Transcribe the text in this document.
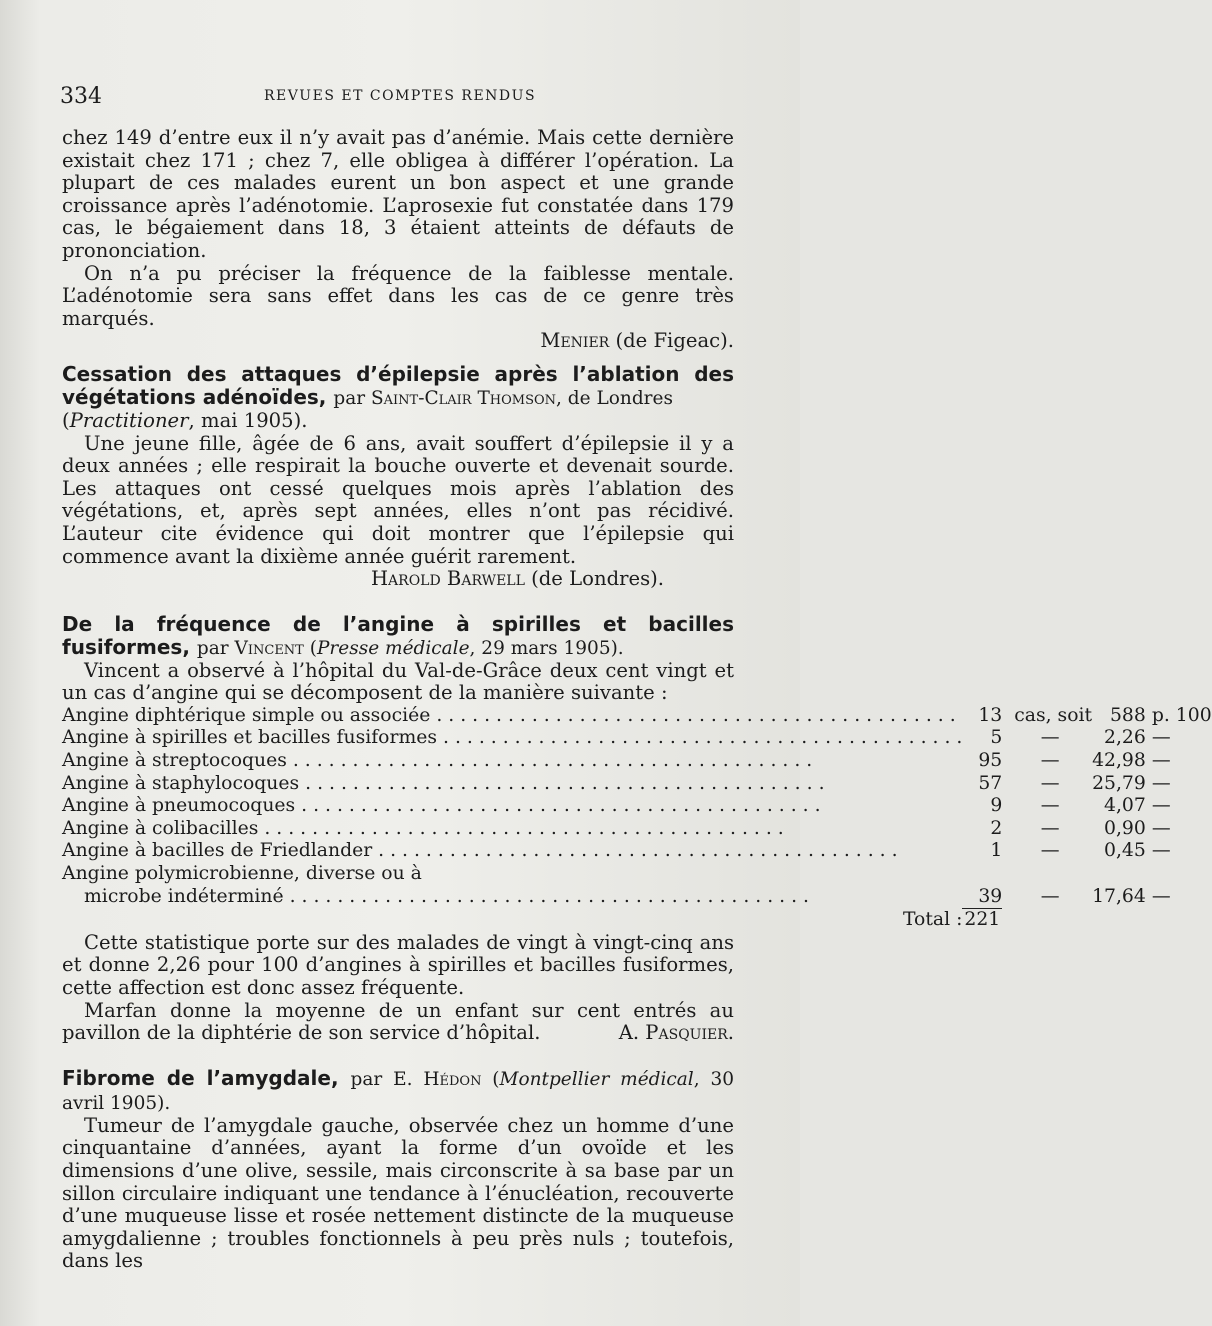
334	REVUES ET COMPTES RENDUS

chez 149 d’entre eux il n’y avait pas d’anémie. Mais cette dernière existait chez 171 ; chez 7, elle obligea à différer l’opération. La plupart de ces malades eurent un bon aspect et une grande croissance après l’adénotomie. L’aprosexie fut constatée dans 179 cas, le bégaiement dans 18, 3 étaient atteints de défauts de prononciation.

On n’a pu préciser la fréquence de la faiblesse mentale. L’adénotomie sera sans effet dans les cas de ce genre très marqués.

Menier (de Figeac).

Cessation des attaques d’épilepsie après l’ablation des végétations adénoïdes, par Saint-Clair Thomson, de Londres

(Practitioner, mai 1905).

Une jeune fille, âgée de 6 ans, avait souffert d’épilepsie il y a deux années ; elle respirait la bouche ouverte et devenait sourde. Les attaques ont cessé quelques mois après l’ablation des végétations, et, après sept années, elles n’ont pas récidivé. L’auteur cite évidence qui doit montrer que l’épilepsie qui commence avant la dixième année guérit rarement.

Harold Barwell (de Londres).

De la fréquence de l’angine à spirilles et bacilles fusiformes, par Vincent (Presse médicale, 29 mars 1905).

Vincent a observé à l’hôpital du Val-de-Grâce deux cent vingt et un cas d’angine qui se décomposent de la manière suivante :

Angine diphtérique simple ou associée . . .	13	cas, soit	588	p. 100
Angine à spirilles et bacilles fusiformes . . .	5	—	2,26	—
Angine à streptocoques . . .	95	—	42,98	—
Angine à staphylocoques . . .	57	—	25,79	—
Angine à pneumocoques . . .	9	—	4,07	—
Angine à colibacilles . . .	2	—	0,90	—
Angine à bacilles de Friedlander . . .	1	—	0,45	—
Angine polymicrobienne, diverse ou à				
microbe indéterminé . . .	39	—	17,64	—
Total :	221			

Cette statistique porte sur des malades de vingt à vingt-cinq ans et donne 2,26 pour 100 d’angines à spirilles et bacilles fusiformes, cette affection est donc assez fréquente.

Marfan donne la moyenne de un enfant sur cent entrés au pavillon de la diphtérie de son service d’hôpital.	A. Pasquier.

Fibrome de l’amygdale, par E. Hédon (Montpellier médical, 30 avril 1905).

Tumeur de l’amygdale gauche, observée chez un homme d’une cinquantaine d’années, ayant la forme d’un ovoïde et les dimensions d’une olive, sessile, mais circonscrite à sa base par un sillon circulaire indiquant une tendance à l’énucléation, recouverte d’une muqueuse lisse et rosée nettement distincte de la muqueuse amygdalienne ; troubles fonctionnels à peu près nuls ; toutefois, dans les
